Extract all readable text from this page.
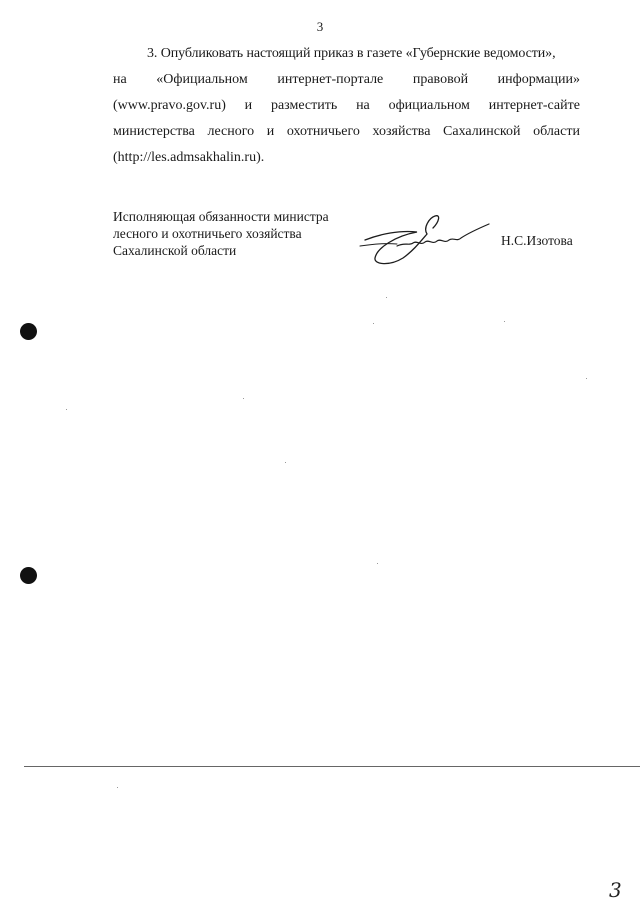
3
3. Опубликовать настоящий приказ в газете «Губернские ведомости»,
на «Официальном интернет-портале правовой информации»
(www.pravo.gov.ru) и разместить на официальном интернет-сайте
министерства лесного и охотничьего хозяйства Сахалинской области
(http://les.admsakhalin.ru).
Исполняющая обязанности министра
лесного и охотничьего хозяйства
Сахалинской области
Н.С.Изотова
3
